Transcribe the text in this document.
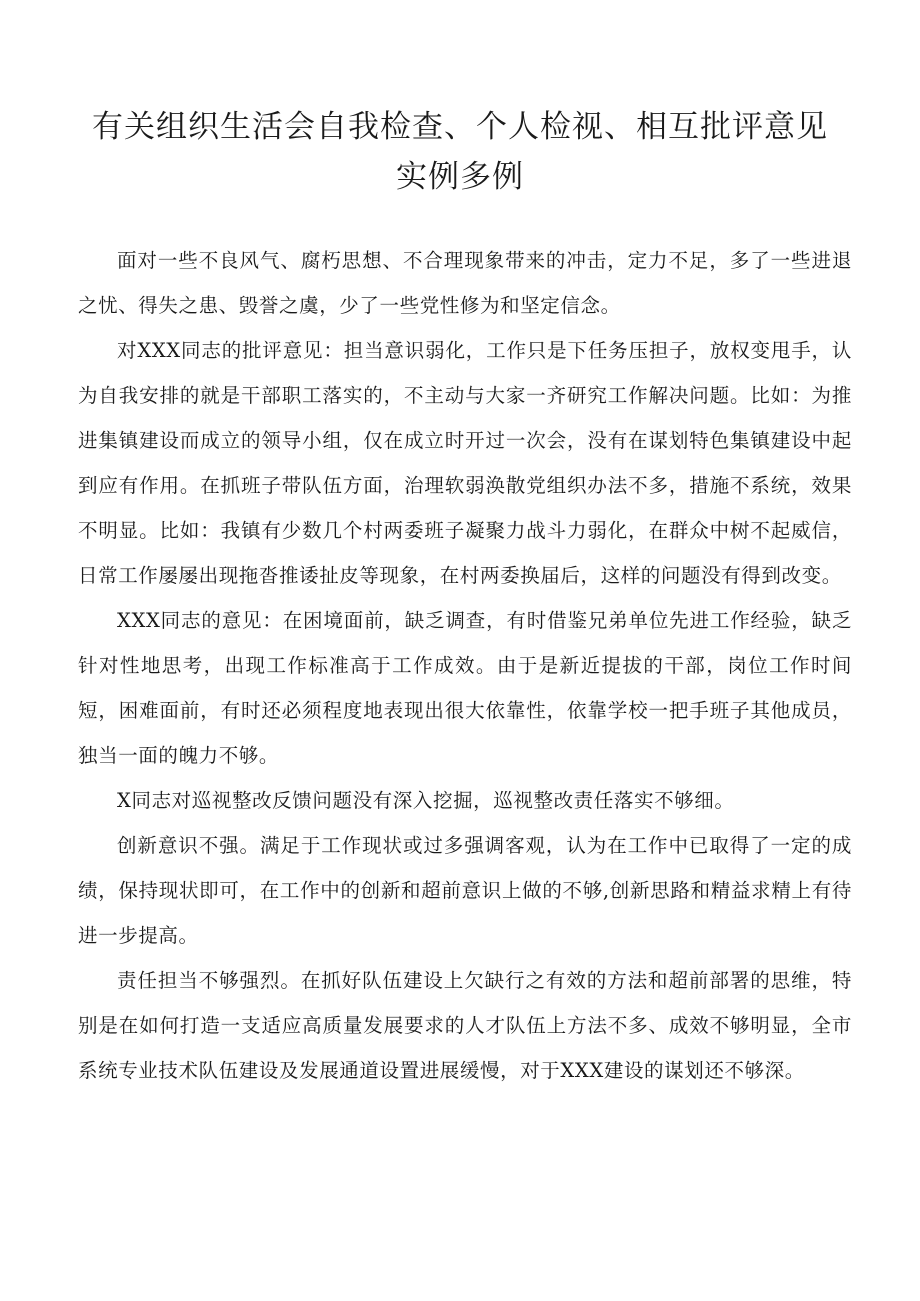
有关组织生活会自我检查、个人检视、相互批评意见实例多例

面对一些不良风气、腐朽思想、不合理现象带来的冲击，定力不足，多了一些进退之忧、得失之患、毁誉之虞，少了一些党性修为和坚定信念。

对XXX同志的批评意见：担当意识弱化，工作只是下任务压担子，放权变甩手，认为自我安排的就是干部职工落实的，不主动与大家一齐研究工作解决问题。比如：为推进集镇建设而成立的领导小组，仅在成立时开过一次会，没有在谋划特色集镇建设中起到应有作用。在抓班子带队伍方面，治理软弱涣散党组织办法不多，措施不系统，效果不明显。比如：我镇有少数几个村两委班子凝聚力战斗力弱化，在群众中树不起威信，日常工作屡屡出现拖沓推诿扯皮等现象，在村两委换届后，这样的问题没有得到改变。

XXX同志的意见：在困境面前，缺乏调查，有时借鉴兄弟单位先进工作经验，缺乏针对性地思考，出现工作标准高于工作成效。由于是新近提拔的干部，岗位工作时间短，困难面前，有时还必须程度地表现出很大依靠性，依靠学校一把手班子其他成员，独当一面的魄力不够。

X同志对巡视整改反馈问题没有深入挖掘，巡视整改责任落实不够细。

创新意识不强。满足于工作现状或过多强调客观，认为在工作中已取得了一定的成绩，保持现状即可，在工作中的创新和超前意识上做的不够,创新思路和精益求精上有待进一步提高。

责任担当不够强烈。在抓好队伍建设上欠缺行之有效的方法和超前部署的思维，特别是在如何打造一支适应高质量发展要求的人才队伍上方法不多、成效不够明显，全市系统专业技术队伍建设及发展通道设置进展缓慢，对于XXX建设的谋划还不够深。
